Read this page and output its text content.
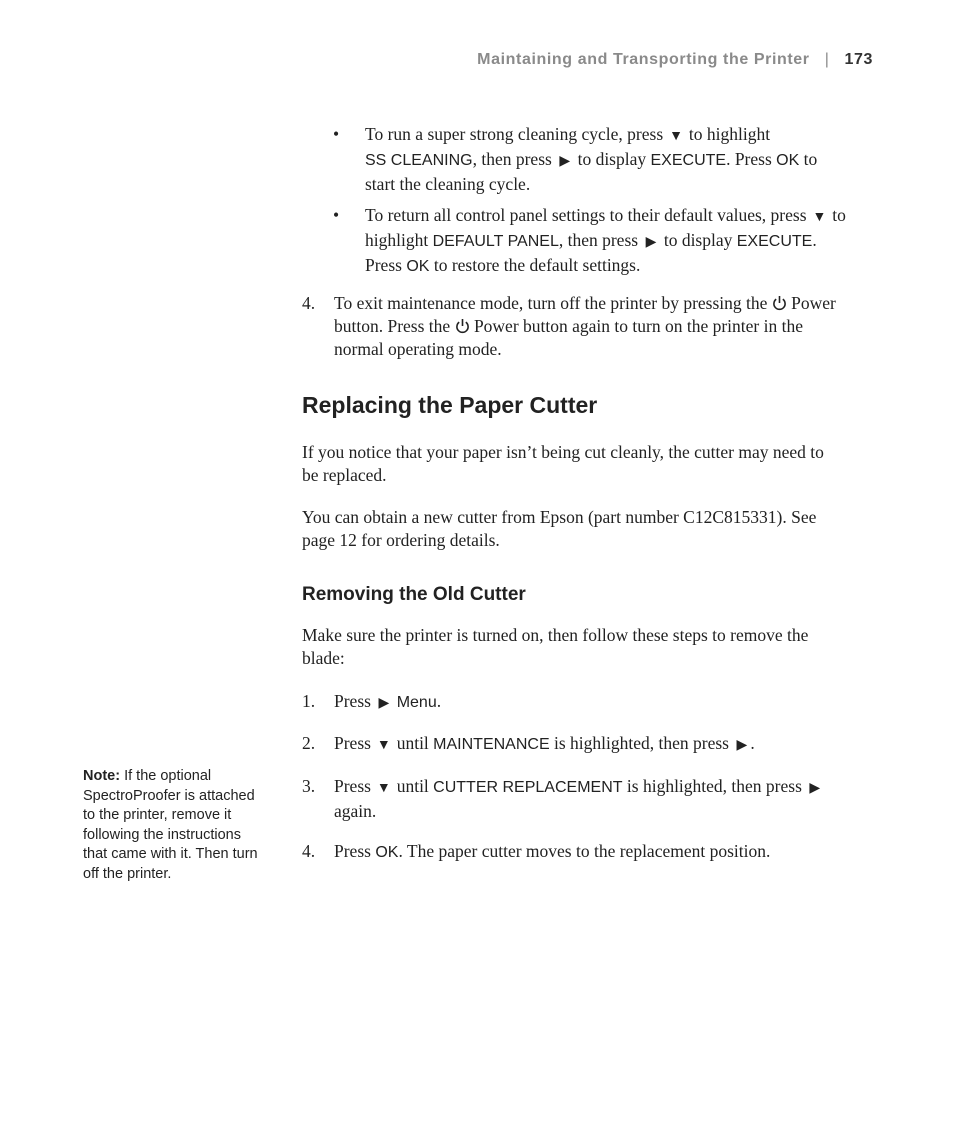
Maintaining and Transporting the Printer | 173
• To run a super strong cleaning cycle, press ▼ to highlight
SS CLEANING, then press ▶ to display EXECUTE. Press OK to
start the cleaning cycle.
• To return all control panel settings to their default values, press ▼ to
highlight DEFAULT PANEL, then press ▶ to display EXECUTE.
Press OK to restore the default settings.
4. To exit maintenance mode, turn off the printer by pressing the Power
button. Press the Power button again to turn on the printer in the
normal operating mode.
Replacing the Paper Cutter
If you notice that your paper isn’t being cut cleanly, the cutter may need to
be replaced.
You can obtain a new cutter from Epson (part number C12C815331). See
page 12 for ordering details.
Removing the Old Cutter
Make sure the printer is turned on, then follow these steps to remove the
blade:
1. Press ▶ Menu.
2. Press ▼ until MAINTENANCE is highlighted, then press ▶ .
3. Press ▼ until CUTTER REPLACEMENT is highlighted, then press ▶
again.
4. Press OK. The paper cutter moves to the replacement position.
Note: If the optional SpectroProofer is attached to the printer, remove it following the instructions that came with it. Then turn off the printer.
